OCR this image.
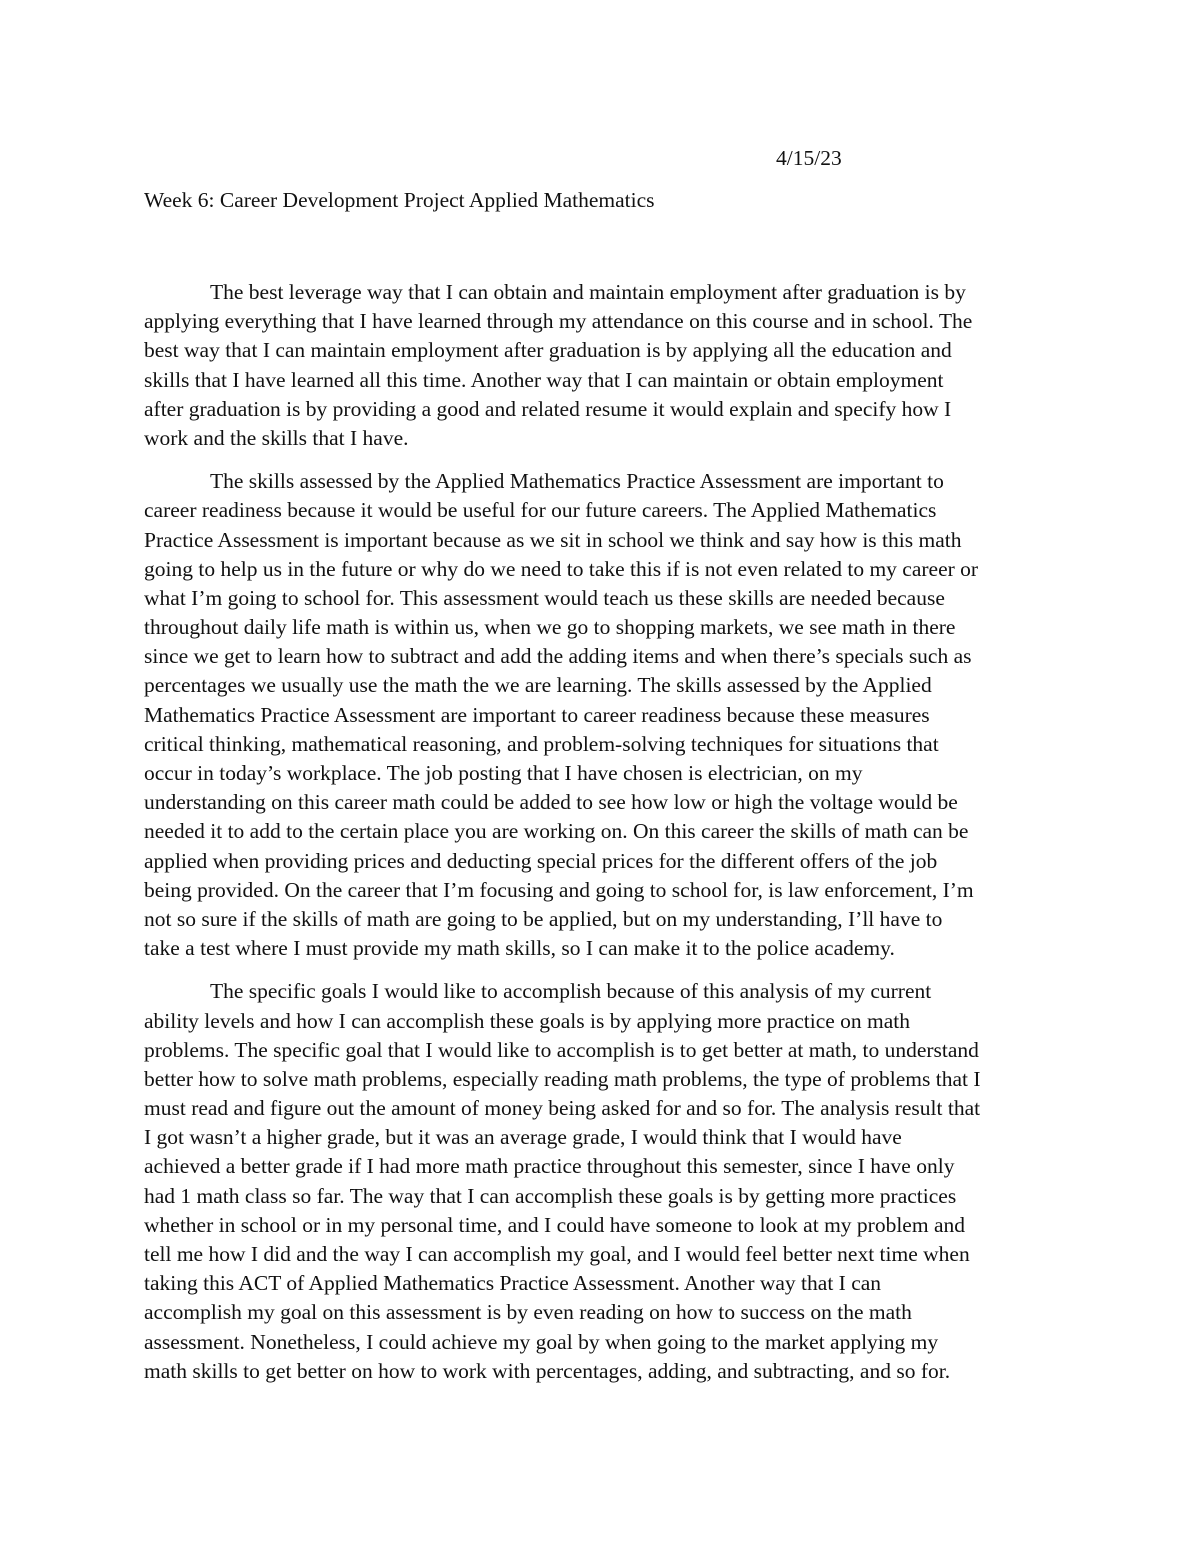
4/15/23
Week 6: Career Development Project Applied Mathematics
The best leverage way that I can obtain and maintain employment after graduation is by
applying everything that I have learned through my attendance on this course and in school. The
best way that I can maintain employment after graduation is by applying all the education and
skills that I have learned all this time. Another way that I can maintain or obtain employment
after graduation is by providing a good and related resume it would explain and specify how I
work and the skills that I have.
The skills assessed by the Applied Mathematics Practice Assessment are important to
career readiness because it would be useful for our future careers. The Applied Mathematics
Practice Assessment is important because as we sit in school we think and say how is this math
going to help us in the future or why do we need to take this if is not even related to my career or
what I’m going to school for. This assessment would teach us these skills are needed because
throughout daily life math is within us, when we go to shopping markets, we see math in there
since we get to learn how to subtract and add the adding items and when there’s specials such as
percentages we usually use the math the we are learning. The skills assessed by the Applied
Mathematics Practice Assessment are important to career readiness because these measures
critical thinking, mathematical reasoning, and problem-solving techniques for situations that
occur in today’s workplace. The job posting that I have chosen is electrician, on my
understanding on this career math could be added to see how low or high the voltage would be
needed it to add to the certain place you are working on. On this career the skills of math can be
applied when providing prices and deducting special prices for the different offers of the job
being provided. On the career that I’m focusing and going to school for, is law enforcement, I’m
not so sure if the skills of math are going to be applied, but on my understanding, I’ll have to
take a test where I must provide my math skills, so I can make it to the police academy.
The specific goals I would like to accomplish because of this analysis of my current
ability levels and how I can accomplish these goals is by applying more practice on math
problems. The specific goal that I would like to accomplish is to get better at math, to understand
better how to solve math problems, especially reading math problems, the type of problems that I
must read and figure out the amount of money being asked for and so for. The analysis result that
I got wasn’t a higher grade, but it was an average grade, I would think that I would have
achieved a better grade if I had more math practice throughout this semester, since I have only
had 1 math class so far. The way that I can accomplish these goals is by getting more practices
whether in school or in my personal time, and I could have someone to look at my problem and
tell me how I did and the way I can accomplish my goal, and I would feel better next time when
taking this ACT of Applied Mathematics Practice Assessment. Another way that I can
accomplish my goal on this assessment is by even reading on how to success on the math
assessment. Nonetheless, I could achieve my goal by when going to the market applying my
math skills to get better on how to work with percentages, adding, and subtracting, and so for.
